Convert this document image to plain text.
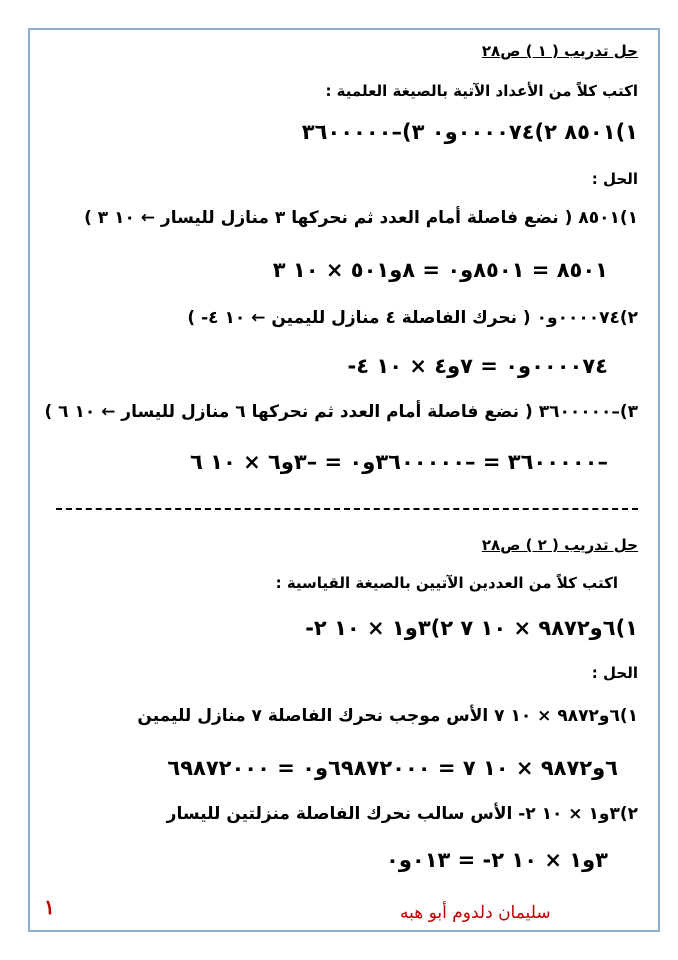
حل تدريب ( ١ ) ص٢٨

اكتب كلاً من الأعداد الآتية بالصيغة العلمية :

١)٨٥٠١ ٢)٠٠٠٠٧٤و٠ ٣)–٣٦٠٠٠٠٠

الحل :

١)٨٥٠١ ( نضع فاصلة أمام العدد ثم نحركها ٣ منازل لليسار ← ١٠ ٣ )

٨٥٠١ = ٨٥٠١و٠ = ٨و٥٠١ × ١٠ ٣

٢)٠٠٠٠٧٤و٠ ( نحرك الفاصلة ٤ منازل لليمين ← ١٠ ٤- )

٠٠٠٠٧٤و٠ = ٧و٤ × ١٠ ٤-

٣)–٣٦٠٠٠٠٠ ( نضع فاصلة أمام العدد ثم نحركها ٦ منازل لليسار ← ١٠ ٦ )

–٣٦٠٠٠٠٠ = –٣٦٠٠٠٠٠و٠ = –٣و٦ × ١٠ ٦

حل تدريب ( ٢ ) ص٢٨

اكتب كلاً من العددين الآتيين بالصيغة القياسية :

١)٦و٩٨٧٢ × ١٠ ٧ ٢)٣و١ × ١٠ ٢-

الحل :

١)٦و٩٨٧٢ × ١٠ ٧ الأس موجب نحرك الفاصلة ٧ منازل لليمين

٦و٩٨٧٢ × ١٠ ٧ = ٦٩٨٧٢٠٠٠و٠ = ٦٩٨٧٢٠٠٠

٢)٣و١ × ١٠ ٢- الأس سالب نحرك الفاصلة منزلتين لليسار

٣و١ × ١٠ ٢- = ٠١٣و٠

سليمان دلدوم أبو هبه
١
